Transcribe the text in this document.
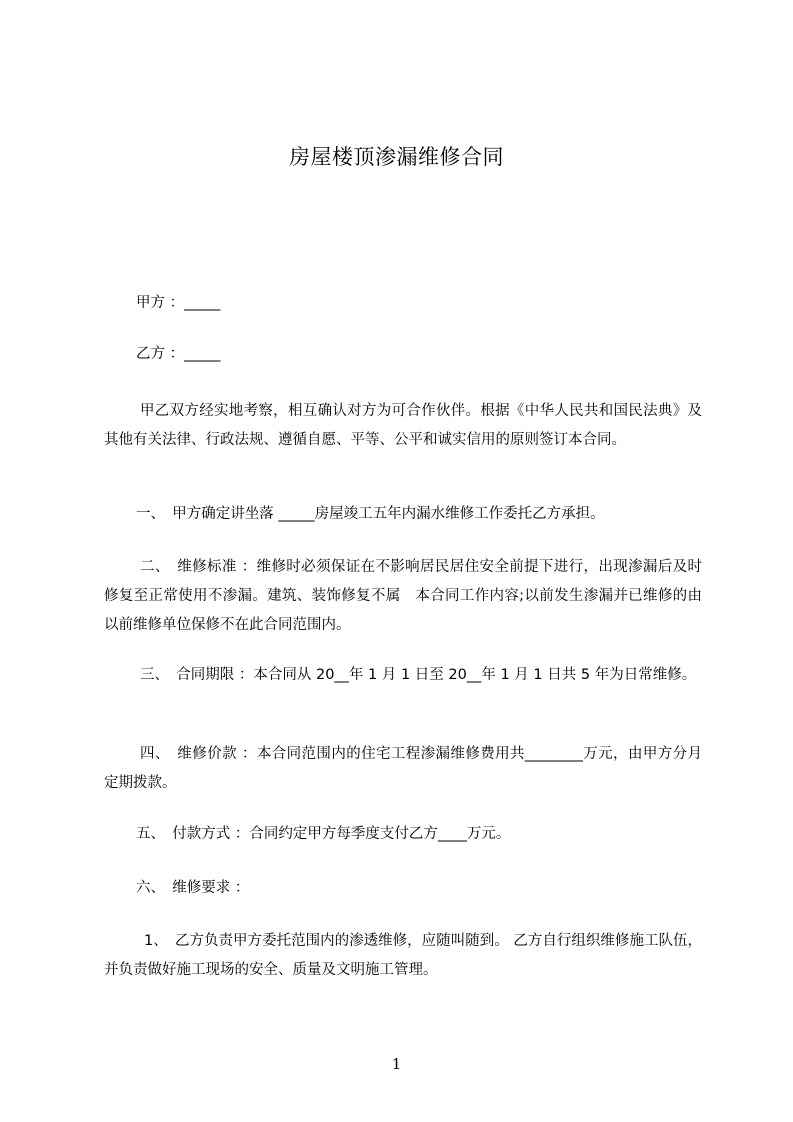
房屋楼顶渗漏维修合同
甲方 ：_____
乙方 ：_____
甲乙双方经实地考察，相互确认对方为可合作伙伴。根据《中华人民共和国民法典》及其他有关法律、行政法规、遵循自愿、平等、公平和诚实信用的原则签订本合同。
一、　甲方确定讲坐落 _____房屋竣工五年内漏水维修工作委托乙方承担。
二、　维修标准 ：维修时必须保证在不影响居民居住安全前提下进行，出现渗漏后及时修复至正常使用不渗漏。建筑、装饰修复不属　本合同工作内容;以前发生渗漏并已维修的由以前维修单位保修不在此合同范围内。
三、　合同期限 ：本合同从 20__年 1 月 1 日至 20__年 1 月 1 日共 5 年为日常维修。
四、　维修价款 ：本合同范围内的住宅工程渗漏维修费用共________万元，由甲方分月定期拨款。
五、　付款方式 ：合同约定甲方每季度支付乙方____万元。
六、　维修要求 ：
1、　乙方负责甲方委托范围内的渗透维修，应随叫随到。 乙方自行组织维修施工队伍，并负责做好施工现场的安全、质量及文明施工管理。
1
